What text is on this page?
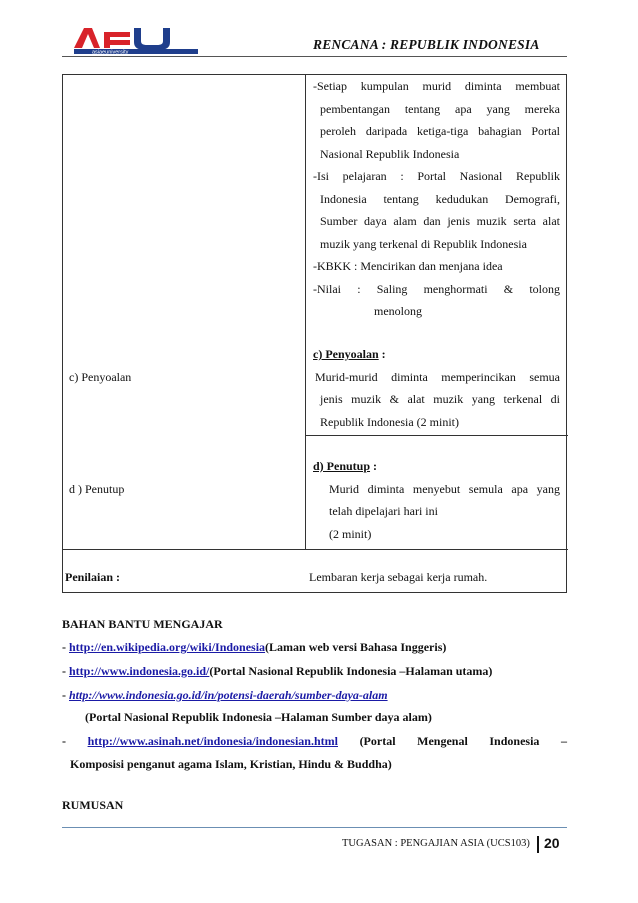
asiaeuniversity
RENCANA : REPUBLIK INDONESIA
-Setiap kumpulan murid diminta membuat
pembentangan tentang apa yang mereka
peroleh daripada ketiga-tiga bahagian Portal
Nasional Republik Indonesia
-Isi pelajaran : Portal Nasional Republik
Indonesia tentang kedudukan Demografi,
Sumber daya alam dan jenis muzik serta alat
muzik yang terkenal di Republik Indonesia
-KBKK : Mencirikan dan menjana idea
-Nilai : Saling menghormati & tolong
menolong
c) Penyoalan
c) Penyoalan :
Murid-murid diminta memperincikan semua
jenis muzik & alat muzik yang terkenal di
Republik Indonesia (2 minit)
d ) Penutup
d) Penutup :
Murid diminta menyebut semula apa yang
telah dipelajari hari ini
(2 minit)
Penilaian :	Lembaran kerja sebagai kerja rumah.
BAHAN BANTU MENGAJAR
- http://en.wikipedia.org/wiki/Indonesia(Laman web versi Bahasa Inggeris)
- http://www.indonesia.go.id/(Portal Nasional Republik Indonesia –Halaman utama)
- http://www.indonesia.go.id/in/potensi-daerah/sumber-daya-alam
(Portal Nasional Republik Indonesia –Halaman Sumber daya alam)
- http://www.asinah.net/indonesia/indonesian.html (Portal Mengenal Indonesia –
Komposisi penganut agama Islam, Kristian, Hindu & Buddha)
RUMUSAN
TUGASAN : PENGAJIAN ASIA (UCS103) 20
